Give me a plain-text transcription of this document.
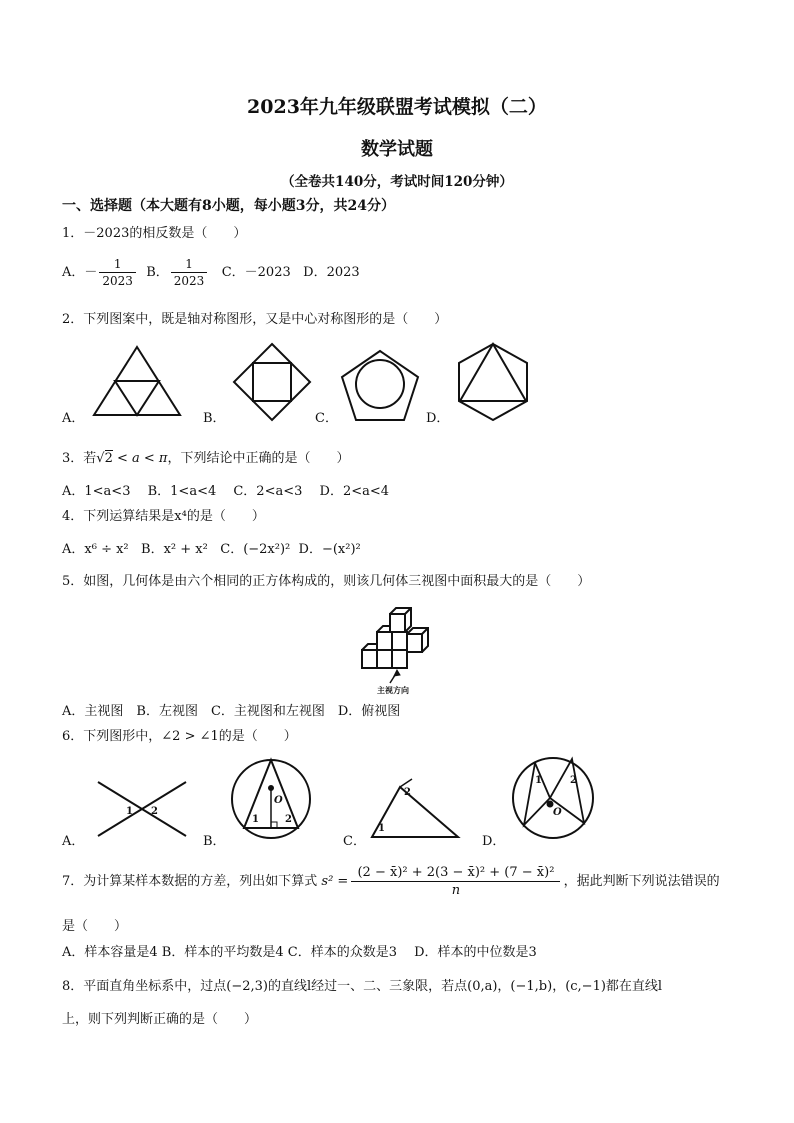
2023年九年级联盟考试模拟（二）
数学试题
（全卷共140分，考试时间120分钟）
一、选择题（本大题有8小题，每小题3分，共24分）
1．－2023的相反数是（　　）
A．－ $\frac{1}{2023}$ B． $\frac{1}{2023}$ C．－2023 D．2023
2．下列图案中，既是轴对称图形，又是中心对称图形的是（　　）
A．	B．	C．	D．
3．若√2 < a < π，下列结论中正确的是（　　）
A．1<a<3　 B．1<a<4　 C．2<a<3　 D．2<a<4
4．下列运算结果是x⁴的是（　　）
A．x⁶ ÷ x² B．x² + x² C．(−2x²)² D．−(x²)²
5．如图，几何体是由六个相同的正方体构成的，则该几何体三视图中面积最大的是（　　）
主视方向
A．主视图　B．左视图　C．主视图和左视图　D．俯视图
6．下列图形中，∠2 > ∠1的是（　　）
1 2
O
1	2
2
1
O
1	2
A．	B．	C．	D．
7．为计算某样本数据的方差，列出如下算式 $s^2 = \frac{\text{(2 − x̄)² + 2(3 − x̄)² + (7 − x̄)²}}{n}$ ，据此判断下列说法错误的
是（　　）
A．样本容量是4 B．样本的平均数是4 C．样本的众数是3　 D．样本的中位数是3
8．平面直角坐标系中，过点(−2,3)的直线l经过一、二、三象限，若点(0,a)，(−1,b)，(c,−1)都在直线l
上，则下列判断正确的是（　　）
